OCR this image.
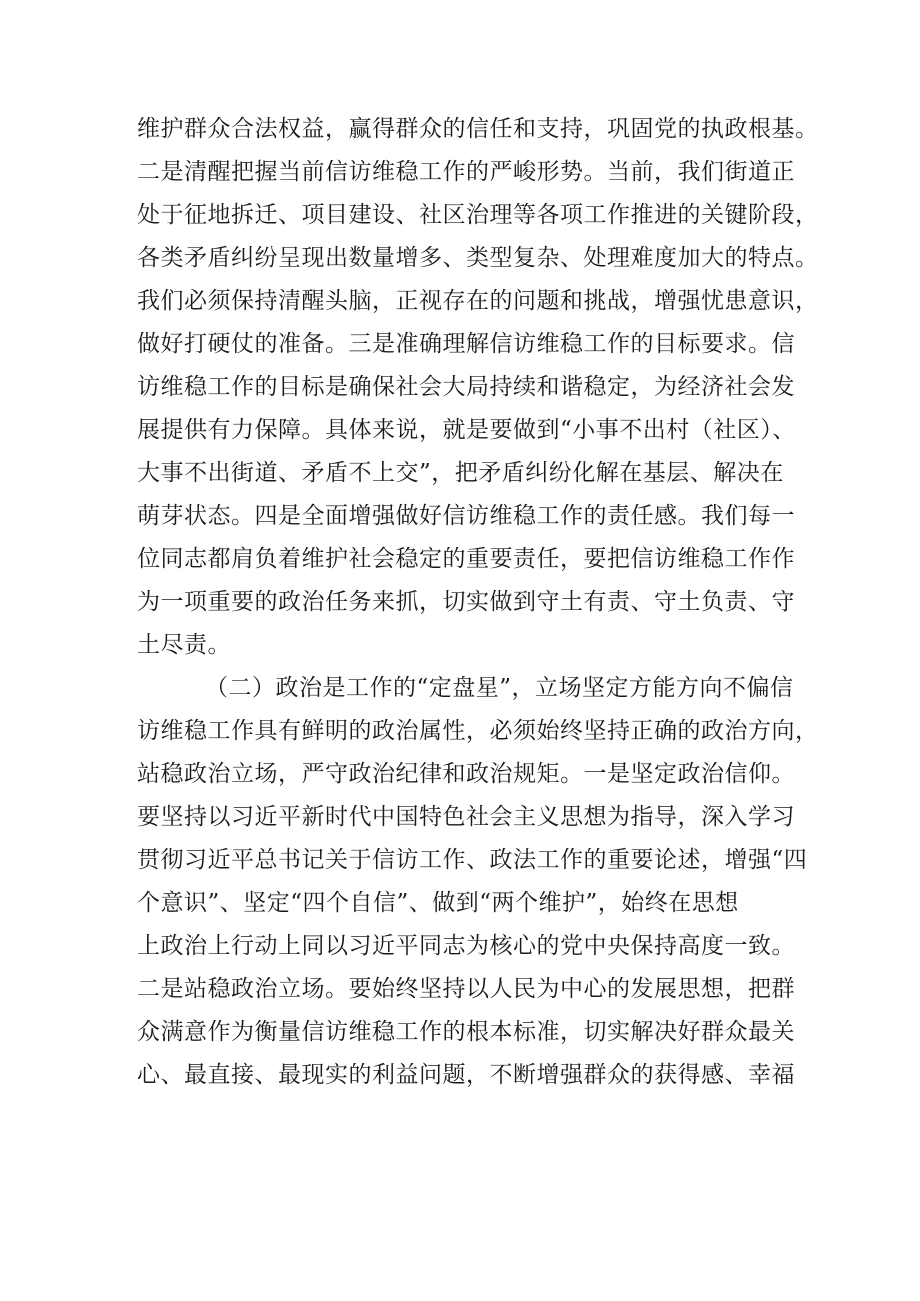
维护群众合法权益，赢得群众的信任和支持，巩固党的执政根基。
二是清醒把握当前信访维稳工作的严峻形势。当前，我们街道正
处于征地拆迁、项目建设、社区治理等各项工作推进的关键阶段，
各类矛盾纠纷呈现出数量增多、类型复杂、处理难度加大的特点。
我们必须保持清醒头脑，正视存在的问题和挑战，增强忧患意识，
做好打硬仗的准备。三是准确理解信访维稳工作的目标要求。信
访维稳工作的目标是确保社会大局持续和谐稳定，为经济社会发
展提供有力保障。具体来说，就是要做到“小事不出村（社区）、
大事不出街道、矛盾不上交”，把矛盾纠纷化解在基层、解决在
萌芽状态。四是全面增强做好信访维稳工作的责任感。我们每一
位同志都肩负着维护社会稳定的重要责任，要把信访维稳工作作
为一项重要的政治任务来抓，切实做到守土有责、守土负责、守
土尽责。
（二）政治是工作的“定盘星”，立场坚定方能方向不偏信
访维稳工作具有鲜明的政治属性，必须始终坚持正确的政治方向，
站稳政治立场，严守政治纪律和政治规矩。一是坚定政治信仰。
要坚持以习近平新时代中国特色社会主义思想为指导，深入学习
贯彻习近平总书记关于信访工作、政法工作的重要论述，增强“四
个意识”、坚定“四个自信”、做到“两个维护”，始终在思想
上政治上行动上同以习近平同志为核心的党中央保持高度一致。
二是站稳政治立场。要始终坚持以人民为中心的发展思想，把群
众满意作为衡量信访维稳工作的根本标准，切实解决好群众最关
心、最直接、最现实的利益问题，不断增强群众的获得感、幸福
